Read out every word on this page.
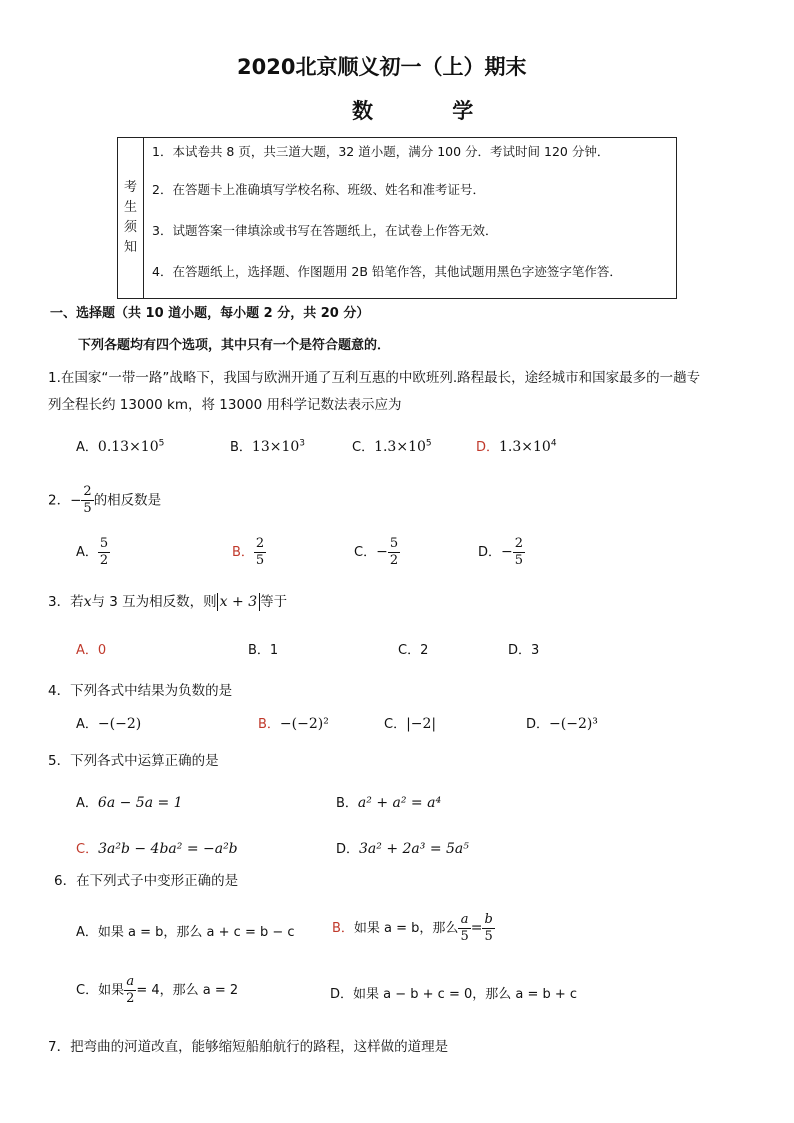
2020北京顺义初一（上）期末
数 学
考生须知
1．本试卷共 8 页，共三道大题，32 道小题，满分 100 分．考试时间 120 分钟．
2．在答题卡上准确填写学校名称、班级、姓名和准考证号．
3．试题答案一律填涂或书写在答题纸上，在试卷上作答无效．
4．在答题纸上，选择题、作图题用 2B 铅笔作答，其他试题用黑色字迹签字笔作答．
一、选择题（共 10 道小题，每小题 2 分，共 20 分）
下列各题均有四个选项，其中只有一个是符合题意的．
1.在国家“一带一路”战略下，我国与欧洲开通了互利互惠的中欧班列.路程最长，途经城市和国家最多的一趟专
列全程长约 13000 km，将 13000 用科学记数法表示应为
A．$0.13\times 10^5$	B．$13\times 10^3$	C．$1.3\times 10^5$	D．$1.3\times 10^4$
2．− $\frac{2}{5}$ 的相反数是
A． $\frac{5}{2}$	B． $\frac{2}{5}$	C．− $\frac{5}{2}$	D．− $\frac{2}{5}$
3．若x与 3 互为相反数，则 x + 3 等于
A．0	B．1	C．2	D．3
4．下列各式中结果为负数的是
A．−(−2)	B．−(−2)²	C．|−2|	D．−(−2)³
5．下列各式中运算正确的是
A．6a − 5a = 1	B．a² + a² = a⁴
C．3a²b − 4ba² = −a²b	D．3a² + 2a³ = 5a⁵
6．在下列式子中变形正确的是
A．如果 a = b，那么 a + c = b − c	B．如果 a = b，那么 $\frac{a}{5} = \frac{b}{5}$
C．如果 $\frac{a}{2} = 4$，那么 a = 2	D．如果 a − b + c = 0，那么 a = b + c
7．把弯曲的河道改直，能够缩短船舶航行的路程，这样做的道理是
